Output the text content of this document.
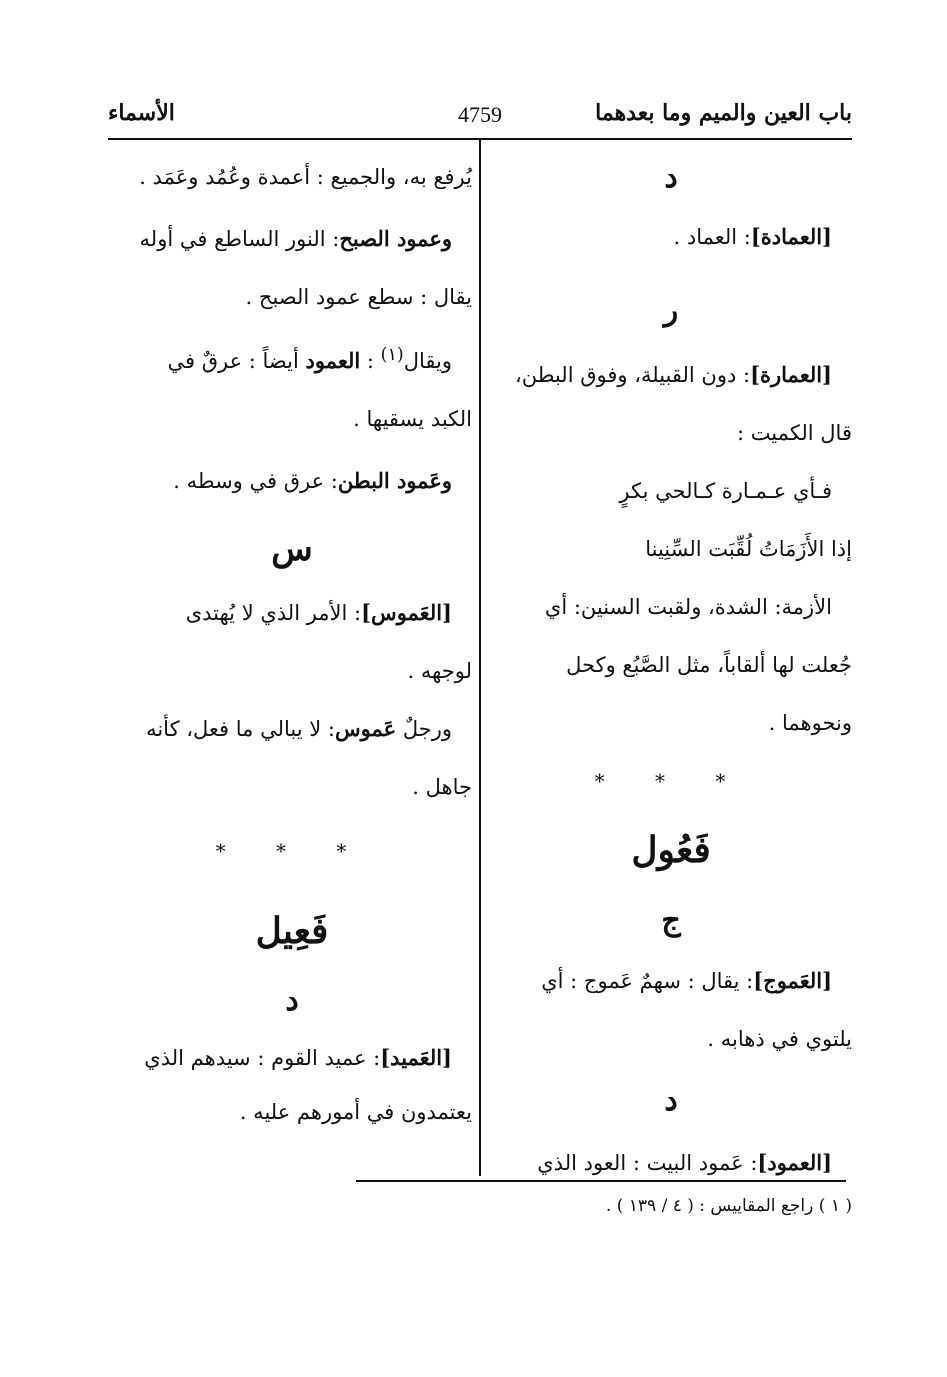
الأسماء	4759	باب العين والميم وما بعدهما

د

[العمادة]: العماد .

ر

[العمارة]: دون القبيلة، وفوق البطن،

قال الكميت :

فـأي عـمـارة كـالحي بكرٍ

إذا الأَزَمَاتُ لُقِّبَت السِّنِينا

الأزمة: الشدة، ولقبت السنين: أي

جُعلت لها ألقاباً، مثل الصَّبُع وكحل

ونحوهما .

* * *

فَعُول

ج

[العَموج]: يقال : سهمٌ عَموج : أي

يلتوي في ذهابه .

د

[العمود]: عَمود البيت : العود الذي

يُرفع به، والجميع : أعمدة وعُمُد وعَمَد .

وعمود الصبح: النور الساطع في أوله

يقال : سطع عمود الصبح .

ويقال$^{(١)}$ : العمود أيضاً : عرقٌ في

الكبد يسقيها .

وعَمود البطن: عرق في وسطه .

س

[العَموس]: الأمر الذي لا يُهتدى

لوجهه .

ورجلٌ عَموس: لا يبالي ما فعل، كأنه

جاهل .

* * *

فَعِيل

د

[العَميد]: عميد القوم : سيدهم الذي

يعتمدون في أمورهم عليه .

( ١ ) راجع المقاييس : ( ٤ / ١٣٩ ) .
